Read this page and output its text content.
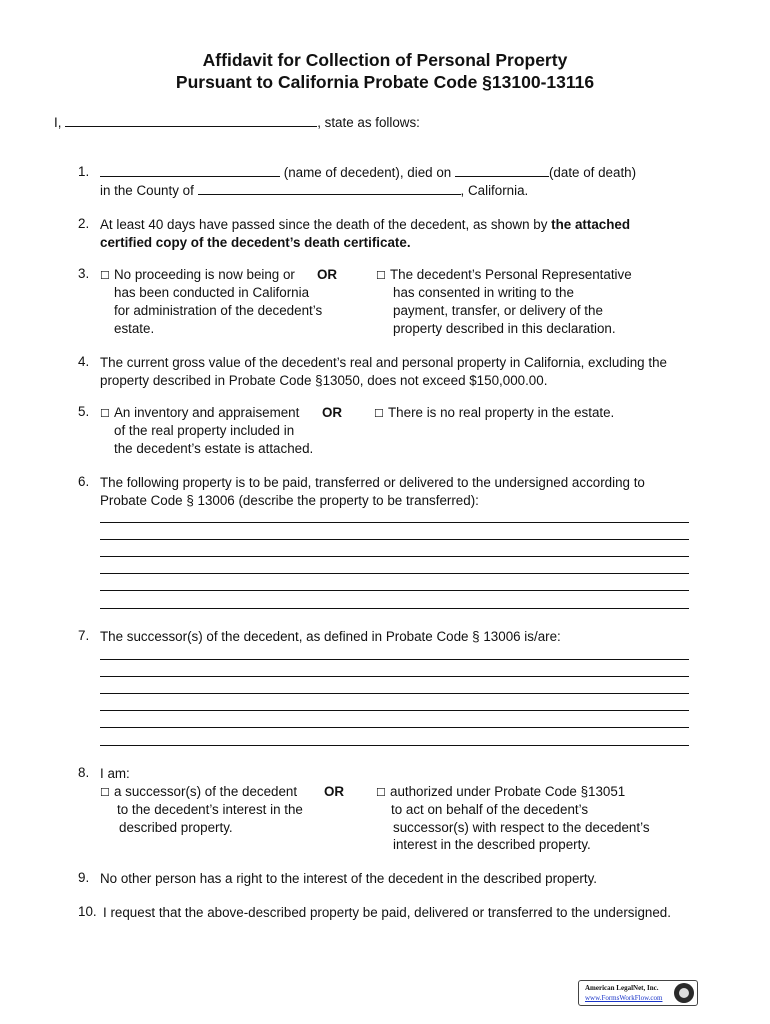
Affidavit for Collection of Personal Property
Pursuant to California Probate Code §13100-13116
I,	, state as follows:
1.	(name of decedent), died on	(date of death)
in the County of	, California.
2. At least 40 days have passed since the death of the decedent, as shown by the attached
certified copy of the decedent’s death certificate.
3. ☐ No proceeding is now being or
has been conducted in California
for administration of the decedent’s
estate.
OR	☐ The decedent’s Personal Representative
has consented in writing to the
payment, transfer, or delivery of the
property described in this declaration.
4. The current gross value of the decedent’s real and personal property in California, excluding the
property described in Probate Code §13050, does not exceed $150,000.00.
5. ☐ An inventory and appraisement
of the real property included in
the decedent’s estate is attached.
OR	☐ There is no real property in the estate.
6. The following property is to be paid, transferred or delivered to the undersigned according to
Probate Code § 13006 (describe the property to be transferred):
7. The successor(s) of the decedent, as defined in Probate Code § 13006 is/are:
8. I am:
☐ a successor(s) of the decedent
to the decedent’s interest in the
described property.
OR	☐ authorized under Probate Code §13051
to act on behalf of the decedent’s
successor(s) with respect to the decedent’s
interest in the described property.
9. No other person has a right to the interest of the decedent in the described property.
10. I request that the above-described property be paid, delivered or transferred to the undersigned.
American LegalNet, Inc.
www.FormsWorkFlow.com
